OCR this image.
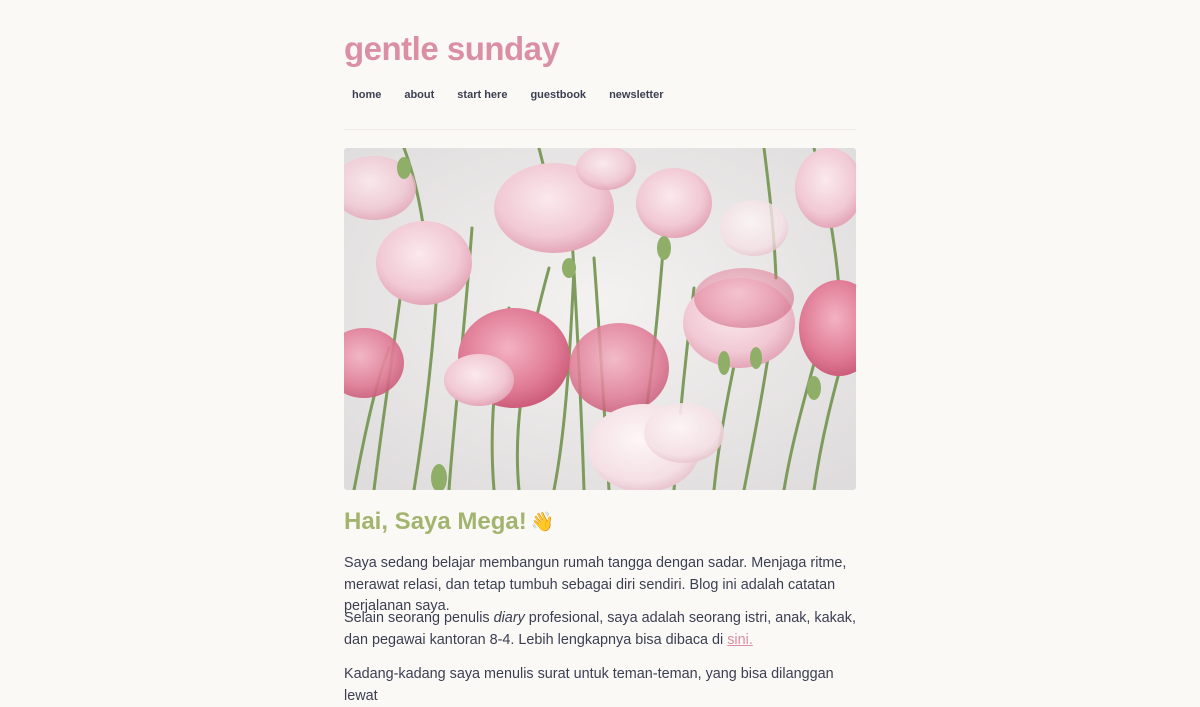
gentle sunday
home	about	start here	guestbook	newsletter
Hai, Saya Mega! 👋

Saya sedang belajar membangun rumah tangga dengan sadar. Menjaga ritme, merawat relasi, dan tetap tumbuh sebagai diri sendiri. Blog ini adalah catatan perjalanan saya.

Selain seorang penulis diary profesional, saya adalah seorang istri, anak, kakak, dan pegawai kantoran 8-4. Lebih lengkapnya bisa dibaca di sini.

Kadang-kadang saya menulis surat untuk teman-teman, yang bisa dilanggan lewat
